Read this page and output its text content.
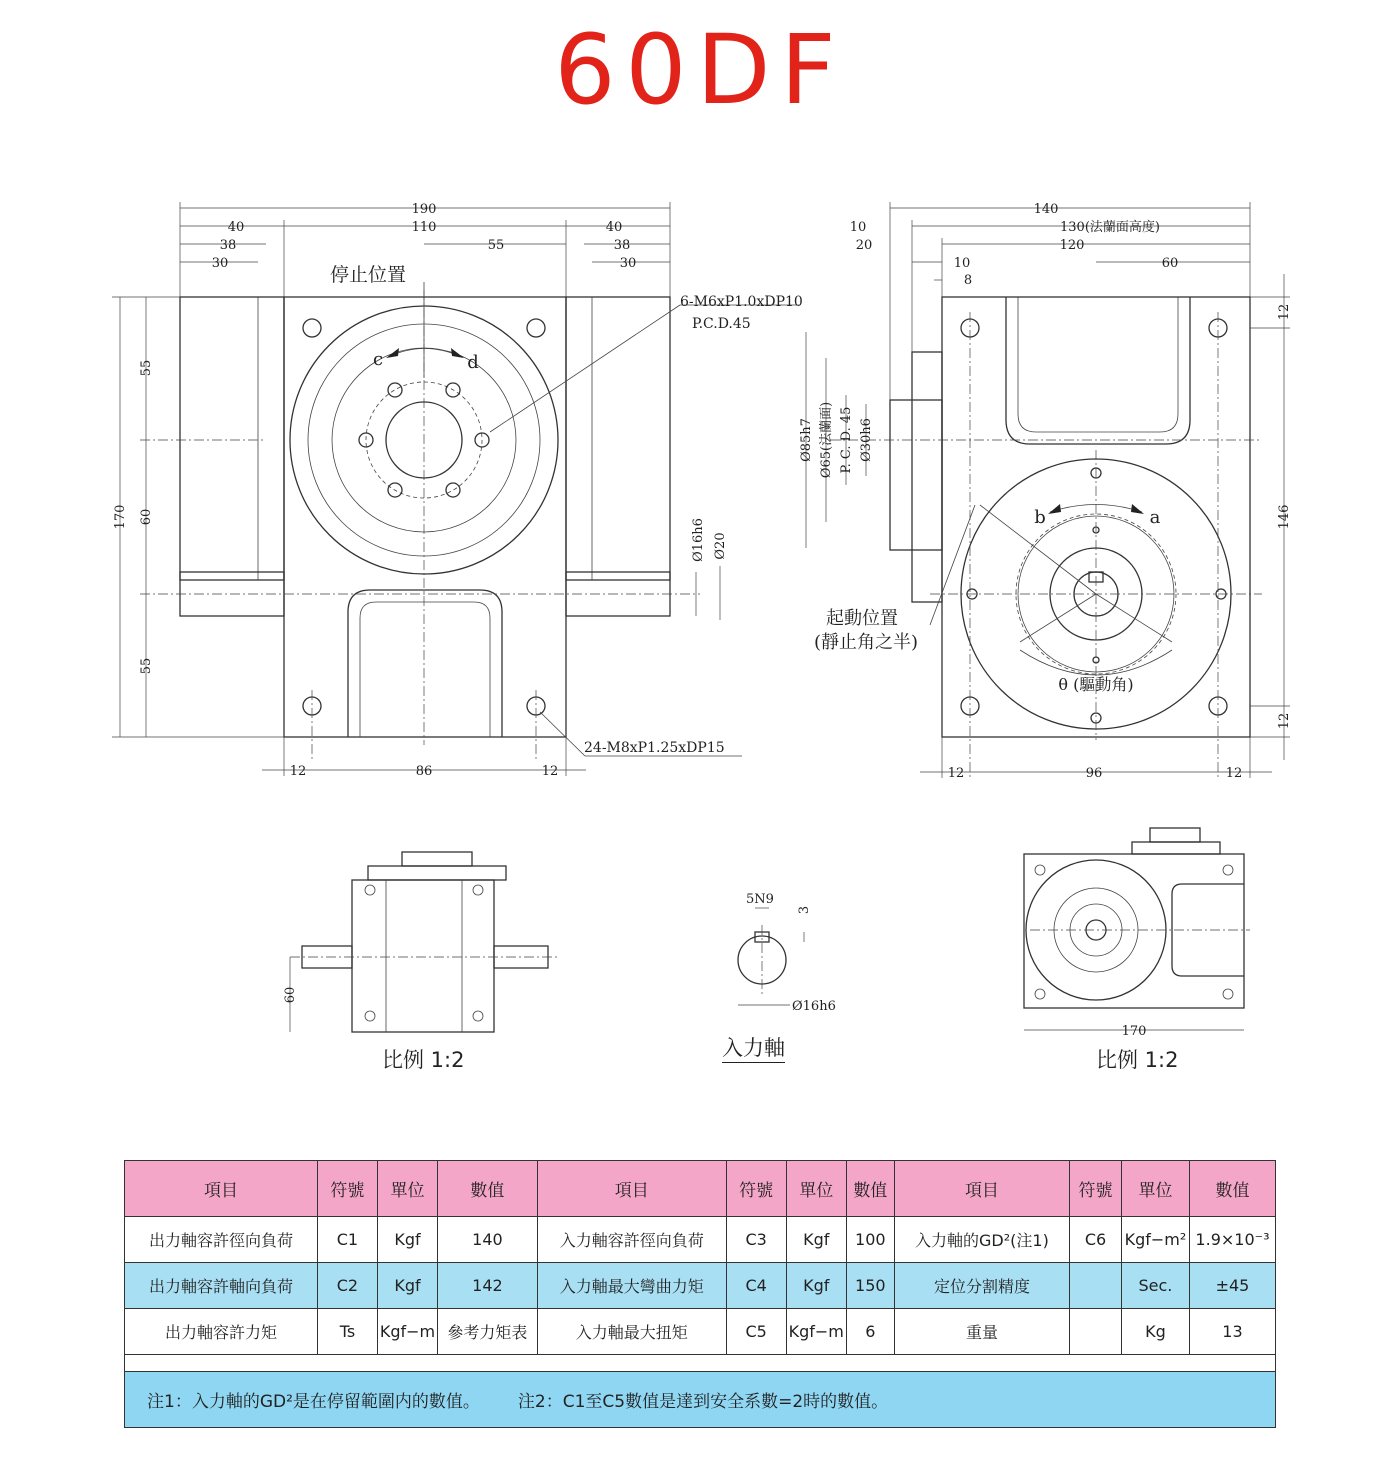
60DF
190
110
40
38
30
55
40
38
30
55
60
55
170
12	86	12
Ø16h6 Ø20
停止位置
c	d
6-M6xP1.0xDP10
P.C.D.45
24-M8xP1.25xDP15
140
130(法蘭面高度)
120
10
20
10
8
60
12
146
12
12	96	12
Ø85h7 Ø65(法蘭面) P. C. D. 45 Ø30h6
起動位置
(靜止角之半)
b	a
θ (驅動角)
60
5N9
3
Ø16h6
170
比例 1:2	入力軸	比例 1:2
項目	符號	單位	數值	項目	符號	單位	數值	項目	符號	單位	數值
出力軸容許徑向負荷	C1	Kgf	140	入力軸容許徑向負荷	C3	Kgf	100	入力軸的GD²(注1)	C6	Kgf−m²	1.9×10⁻³
出力軸容許軸向負荷	C2	Kgf	142	入力軸最大彎曲力矩	C4	Kgf	150	定位分割精度		Sec.	±45
出力軸容許力矩	Ts	Kgf−m	參考力矩表	入力軸最大扭矩	C5	Kgf−m	6	重量		Kg	13

注1：入力軸的GD²是在停留範圍内的數值。 注2：C1至C5數值是達到安全系數=2時的數值。											
